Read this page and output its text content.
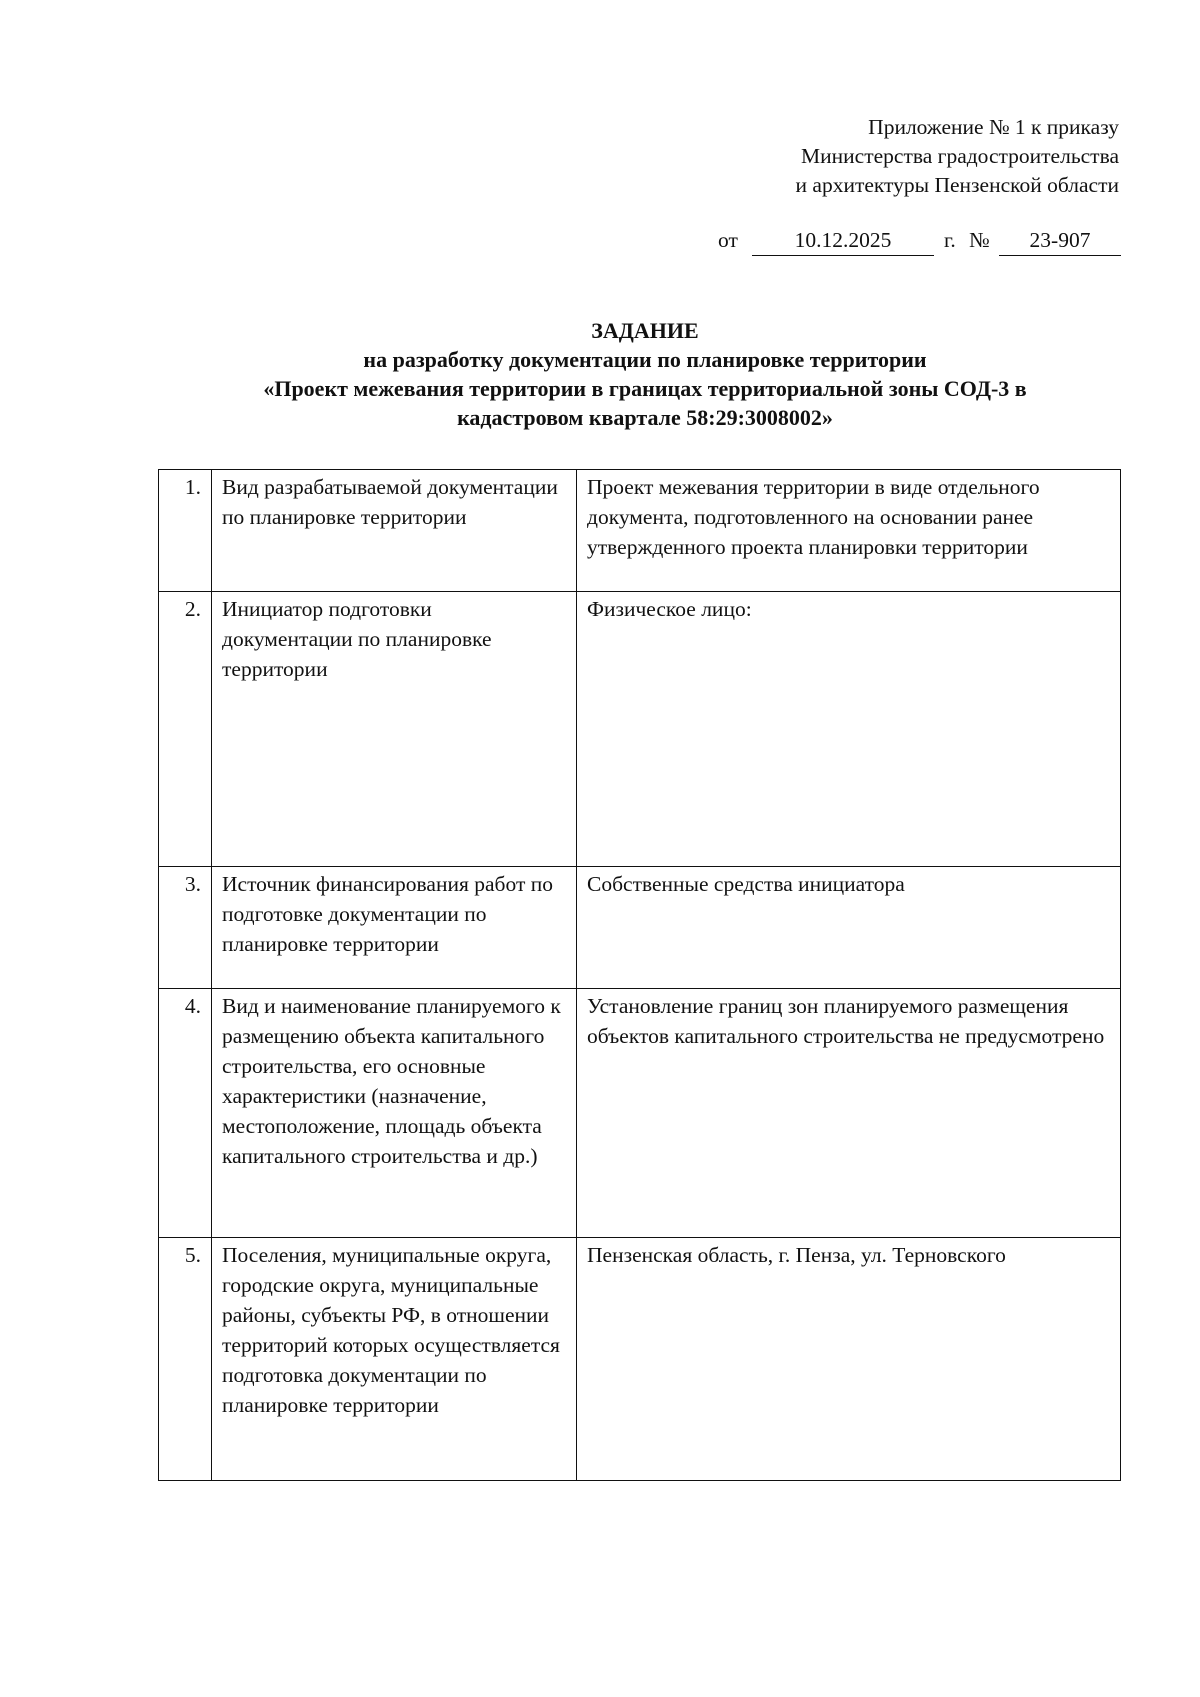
Приложение № 1 к приказу
Министерства градостроительства
и архитектуры Пензенской области
от	10.12.2025	г. №	23-907
ЗАДАНИЕ
на разработку документации по планировке территории
«Проект межевания территории в границах территориальной зоны СОД-3 в
кадастровом квартале 58:29:3008002»
1.	Вид разрабатываемой документации по планировке территории	Проект межевания территории в виде отдельного документа, подготовленного на основании ранее утвержденного проекта планировки территории
2.	Инициатор подготовки документации по планировке территории	Физическое лицо:
3.	Источник финансирования работ по подготовке документации по планировке территории	Собственные средства инициатора
4.	Вид и наименование планируемого к размещению объекта капитального строительства, его основные характеристики (назначение, местоположение, площадь объекта капитального строительства и др.)	Установление границ зон планируемого размещения объектов капитального строительства не предусмотрено
5.	Поселения, муниципальные округа, городские округа, муниципальные районы, субъекты РФ, в отношении территорий которых осуществляется подготовка документации по планировке территории	Пензенская область, г. Пенза, ул. Терновского
